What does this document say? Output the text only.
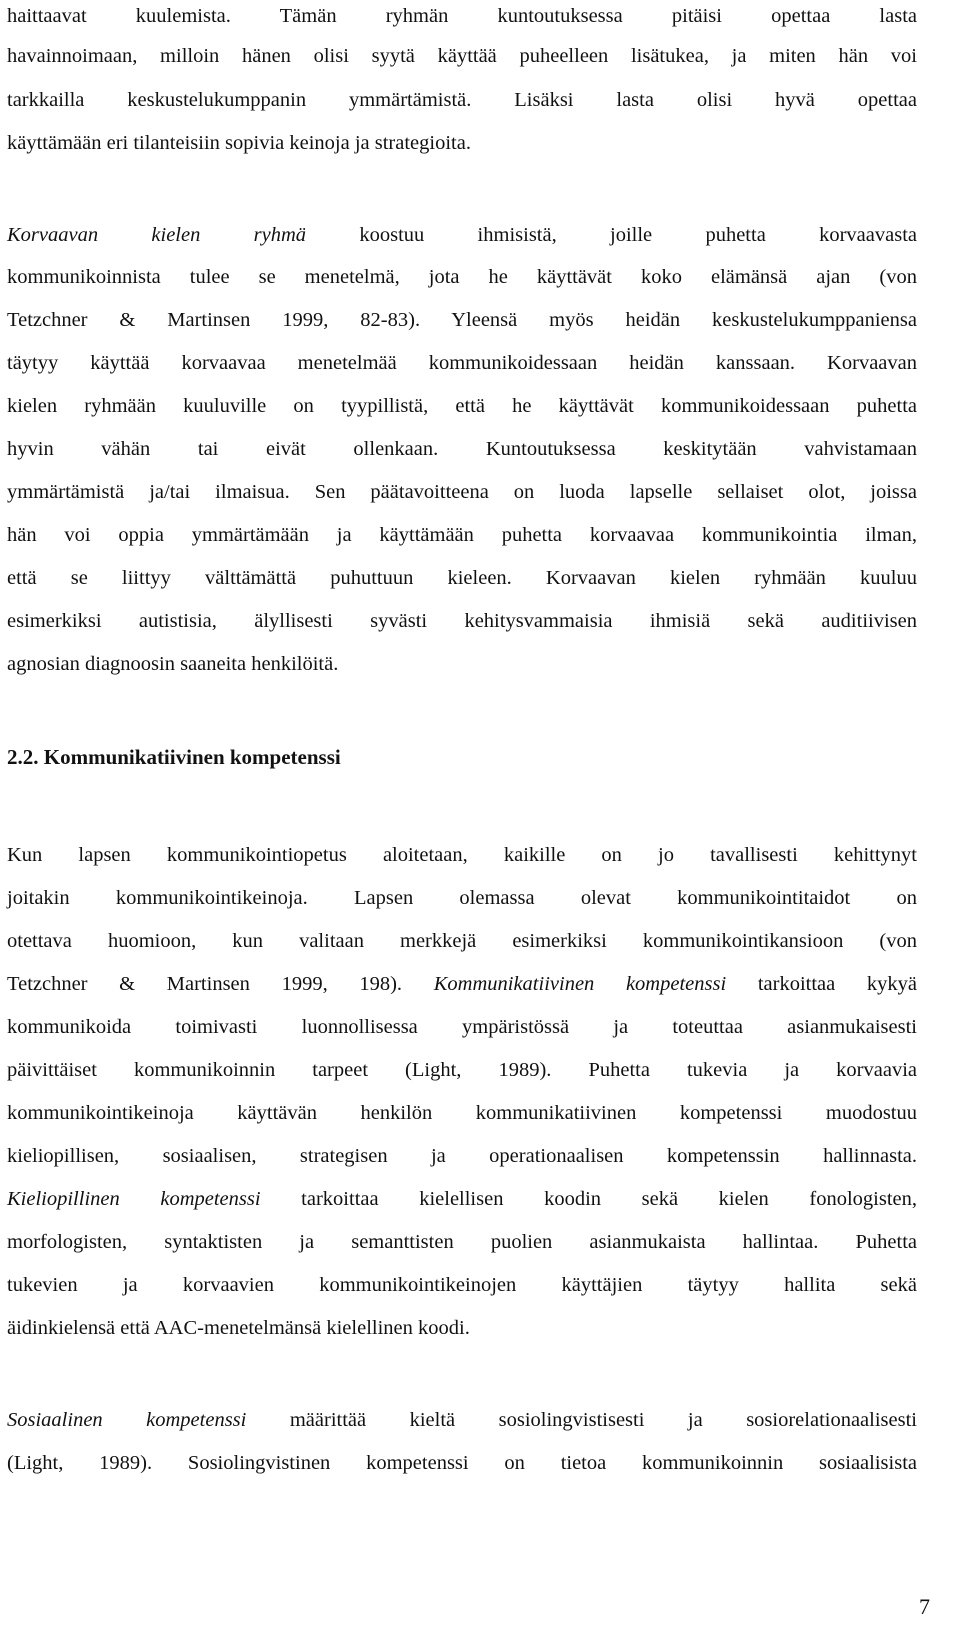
haittaavat kuulemista. Tämän ryhmän kuntoutuksessa pitäisi opettaa lasta
havainnoimaan, milloin hänen olisi syytä käyttää puheelleen lisätukea, ja miten hän voi
tarkkailla keskustelukumppanin ymmärtämistä. Lisäksi lasta olisi hyvä opettaa
käyttämään eri tilanteisiin sopivia keinoja ja strategioita.
Korvaavan kielen ryhmä koostuu ihmisistä, joille puhetta korvaavasta
kommunikoinnista tulee se menetelmä, jota he käyttävät koko elämänsä ajan (von
Tetzchner & Martinsen 1999, 82-83). Yleensä myös heidän keskustelukumppaniensa
täytyy käyttää korvaavaa menetelmää kommunikoidessaan heidän kanssaan. Korvaavan
kielen ryhmään kuuluville on tyypillistä, että he käyttävät kommunikoidessaan puhetta
hyvin vähän tai eivät ollenkaan. Kuntoutuksessa keskitytään vahvistamaan
ymmärtämistä ja/tai ilmaisua. Sen päätavoitteena on luoda lapselle sellaiset olot, joissa
hän voi oppia ymmärtämään ja käyttämään puhetta korvaavaa kommunikointia ilman,
että se liittyy välttämättä puhuttuun kieleen. Korvaavan kielen ryhmään kuuluu
esimerkiksi autistisia, älyllisesti syvästi kehitysvammaisia ihmisiä sekä auditiivisen
agnosian diagnoosin saaneita henkilöitä.
2.2. Kommunikatiivinen kompetenssi
Kun lapsen kommunikointiopetus aloitetaan, kaikille on jo tavallisesti kehittynyt
joitakin kommunikointikeinoja. Lapsen olemassa olevat kommunikointitaidot on
otettava huomioon, kun valitaan merkkejä esimerkiksi kommunikointikansioon (von
Tetzchner & Martinsen 1999, 198). Kommunikatiivinen kompetenssi tarkoittaa kykyä
kommunikoida toimivasti luonnollisessa ympäristössä ja toteuttaa asianmukaisesti
päivittäiset kommunikoinnin tarpeet (Light, 1989). Puhetta tukevia ja korvaavia
kommunikointikeinoja käyttävän henkilön kommunikatiivinen kompetenssi muodostuu
kieliopillisen, sosiaalisen, strategisen ja operationaalisen kompetenssin hallinnasta.
Kieliopillinen kompetenssi tarkoittaa kielellisen koodin sekä kielen fonologisten,
morfologisten, syntaktisten ja semanttisten puolien asianmukaista hallintaa. Puhetta
tukevien ja korvaavien kommunikointikeinojen käyttäjien täytyy hallita sekä
äidinkielensä että AAC-menetelmänsä kielellinen koodi.
Sosiaalinen kompetenssi määrittää kieltä sosiolingvistisesti ja sosiorelationaalisesti
(Light, 1989). Sosiolingvistinen kompetenssi on tietoa kommunikoinnin sosiaalisista
7
